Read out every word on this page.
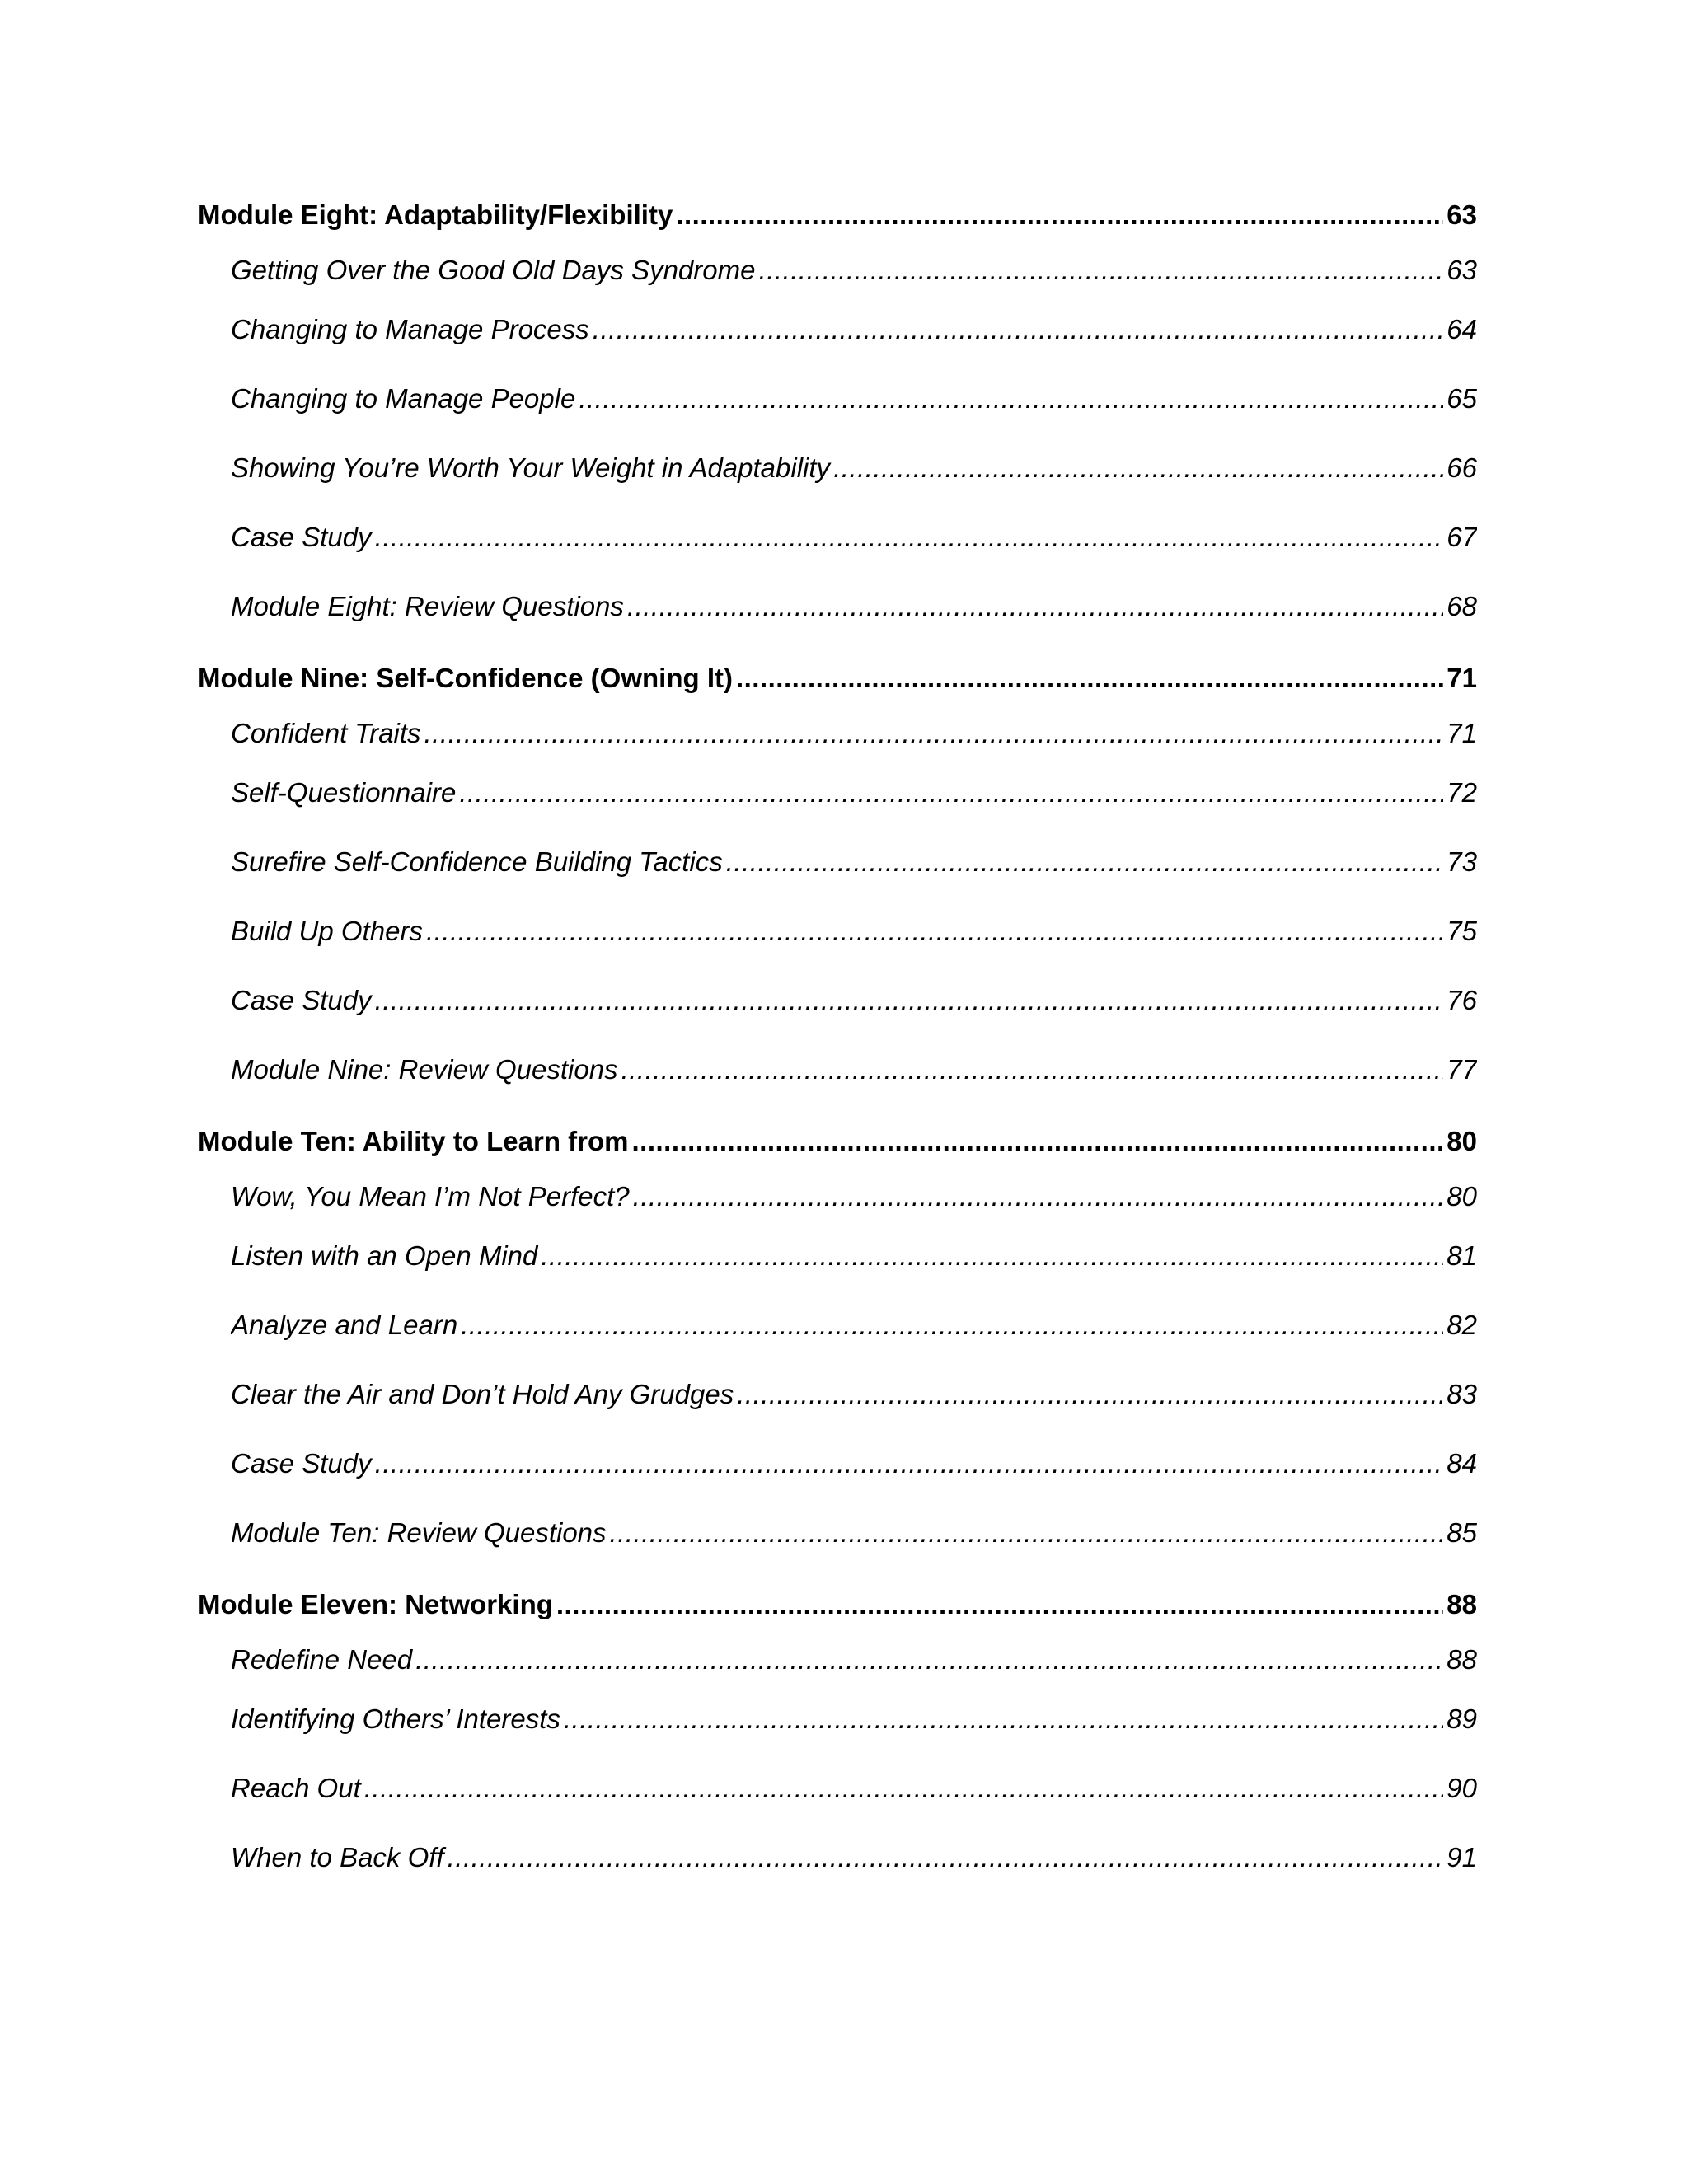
Module Eight: Adaptability/Flexibility .....	63
Getting Over the Good Old Days Syndrome .....	63
Changing to Manage Process .....	64
Changing to Manage People .....	65
Showing You’re Worth Your Weight in Adaptability .....	66
Case Study .....	67
Module Eight: Review Questions .....	68
Module Nine: Self-Confidence (Owning It) .....	71
Confident Traits .....	71
Self-Questionnaire .....	72
Surefire Self-Confidence Building Tactics .....	73
Build Up Others .....	75
Case Study .....	76
Module Nine: Review Questions .....	77
Module Ten: Ability to Learn from .....	80
Wow, You Mean I’m Not Perfect? .....	80
Listen with an Open Mind .....	81
Analyze and Learn .....	82
Clear the Air and Don’t Hold Any Grudges .....	83
Case Study .....	84
Module Ten: Review Questions .....	85
Module Eleven: Networking .....	88
Redefine Need .....	88
Identifying Others’ Interests .....	89
Reach Out .....	90
When to Back Off .....	91
